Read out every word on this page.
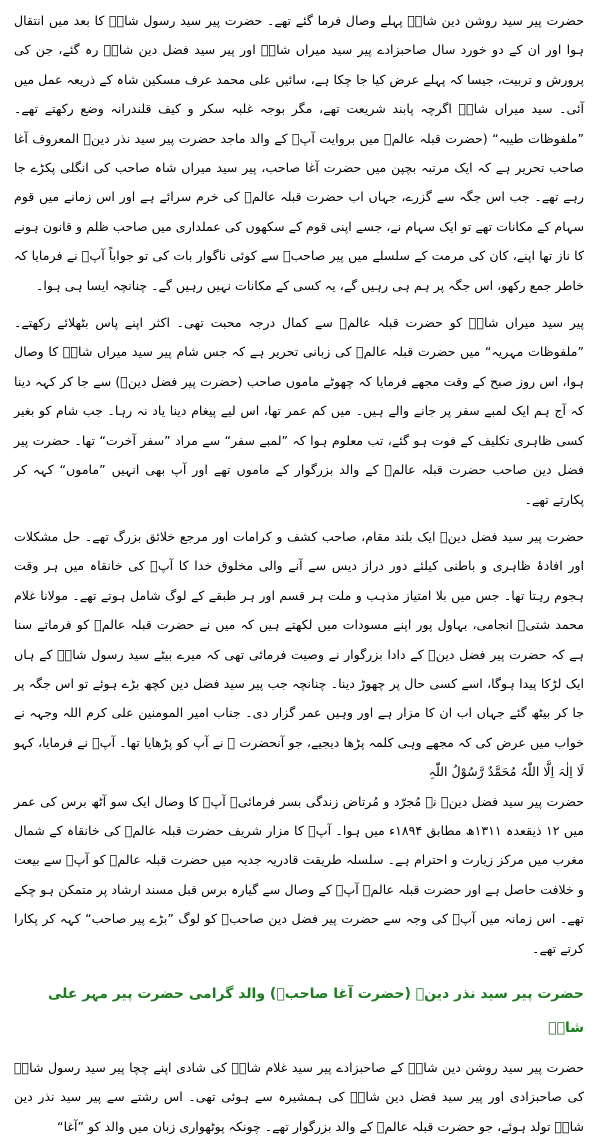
حضرت پیر سید روشن دین شاہؒ پہلے وصال فرما گئے تھے۔ حضرت پیر سید رسول شاہؒ کا بعد میں انتقال ہوا اور ان کے دو خورد سال صاحبزادے پیر سید میراں شاہؒ اور پیر سید فضل دین شاہؒ رہ گئے، جن کی پرورش و تربیت، جیسا کہ پہلے عرض کیا جا چکا ہے، سائیں علی محمد عرف مسکین شاہ کے ذریعہ عمل میں آئی۔ سید میراں شاہؒ اگرچہ پابند شریعت تھے، مگر بوجہ غلبہ سکر و کیف قلندرانہ وضع رکھتے تھے۔ ”ملفوظات طیبہ“ (حضرت قبلہ عالمؒ میں بروایت آپؒ کے والد ماجد حضرت پیر سید نذر دینؒ المعروف آغا صاحب تحریر ہے کہ ایک مرتبہ بچپن میں حضرت آغا صاحب، پیر سید میراں شاہ صاحب کی انگلی پکڑے جا رہے تھے۔ جب اس جگہ سے گزرے، جہاں اب حضرت قبلہ عالمؒ کی خرم سرائے ہے اور اس زمانے میں قوم سہام کے مکانات تھے تو ایک سہام نے، جسے اپنی قوم کے سکھوں کی عملداری میں صاحب ظلم و قانون ہونے کا ناز تھا اپنے، کان کی مرمت کے سلسلے میں پیر صاحبؒ سے کوئی ناگوار بات کی تو جواباً آپؒ نے فرمایا کہ خاطر جمع رکھو، اس جگہ پر ہم ہی رہیں گے، یہ کسی کے مکانات نہیں رہیں گے۔ چنانچہ ایسا ہی ہوا۔

پیر سید میراں شاہؒ کو حضرت قبلہ عالمؒ سے کمال درجہ محبت تھی۔ اکثر اپنے پاس بٹھلائے رکھتے۔ ”ملفوظات مہریہ“ میں حضرت قبلہ عالمؒ کی زبانی تحریر ہے کہ جس شام پیر سید میراں شاہؒ کا وصال ہوا، اس روز صبح کے وقت مجھے فرمایا کہ چھوٹے ماموں صاحب (حضرت پیر فضل دینؒ) سے جا کر کہہ دینا کہ آج ہم ایک لمبے سفر پر جانے والے ہیں۔ میں کم عمر تھا، اس لیے پیغام دینا یاد نہ رہا۔ جب شام کو بغیر کسی ظاہری تکلیف کے فوت ہو گئے، تب معلوم ہوا کہ ”لمبے سفر“ سے مراد ”سفر آخرت“ تھا۔ حضرت پیر فضل دین صاحب حضرت قبلہ عالمؒ کے والد بزرگوار کے ماموں تھے اور آپ بھی انہیں ”ماموں“ کہہ کر پکارتے تھے۔

حضرت پیر سید فضل دینؒ ایک بلند مقام، صاحب کشف و کرامات اور مرجع خلائق بزرگ تھے۔ حل مشکلات اور افادۂ ظاہری و باطنی کیلئے دور دراز دیس سے آنے والی مخلوق خدا کا آپؒ کی خانقاہ میں ہر وقت ہجوم رہتا تھا۔ جس میں بلا امتیاز مذہب و ملت ہر قسم اور ہر طبقے کے لوگ شامل ہوتے تھے۔ مولانا غلام محمد شتیؒ انجامی، بہاول پور اپنے مسودات میں لکھتے ہیں کہ میں نے حضرت قبلہ عالمؒ کو فرماتے سنا ہے کہ حضرت پیر فضل دینؒ کے دادا بزرگوار نے وصیت فرمائی تھی کہ میرے بیٹے سید رسول شاہؒ کے ہاں ایک لڑکا پیدا ہوگا، اسے کسی حال پر چھوڑ دینا۔ چنانچہ جب پیر سید فضل دین کچھ بڑے ہوئے تو اس جگہ پر جا کر بیٹھ گئے جہاں اب ان کا مزار ہے اور وہیں عمر گزار دی۔ جناب امیر المومنین علی کرم اللہ وجہہ نے خواب میں عرض کی کہ مجھے وہی کلمہ پڑھا دیجیے، جو آنحضرت ﷺ نے آپ کو پڑھایا تھا۔ آپؒ نے فرمایا، کہو لَا اِلٰہَ اِلَّا اللّٰہُ مُحَمَّدٌ رَّسُوْلُ اللّٰہِ

حضرت پیر سید فضل دینؒ نے مُجرّد و مُرتاض زندگی بسر فرمائی۔ آپؒ کا وصال ایک سو آٹھ برس کی عمر میں ۱۲ ذیقعدہ ۱۳۱۱ھ مطابق ۱۸۹۴ء میں ہوا۔ آپؒ کا مزار شریف حضرت قبلہ عالمؒ کی خانقاہ کے شمال مغرب میں مرکز زیارت و احترام ہے۔ سلسلہ طریقت قادریہ جدیہ میں حضرت قبلہ عالمؒ کو آپؒ سے بیعت و خلافت حاصل ہے اور حضرت قبلہ عالمؒ آپؒ کے وصال سے گیارہ برس قبل مسند ارشاد پر متمکن ہو چکے تھے۔ اس زمانہ میں آپؒ کی وجہ سے حضرت پیر فضل دین صاحبؒ کو لوگ ”بڑے پیر صاحب“ کہہ کر پکارا کرتے تھے۔

حضرت پیر سید نذر دینؒ (حضرت آغا صاحبؒ) والد گرامی حضرت پیر مہر علی شاہؒ

حضرت پیر سید روشن دین شاہؒ کے صاحبزادے پیر سید غلام شاہؒ کی شادی اپنے چچا پیر سید رسول شاہؒ کی صاحبزادی اور پیر سید فضل دین شاہؒ کی ہمشیرہ سے ہوئی تھی۔ اس رشتے سے پیر سید نذر دین شاہؒ تولد ہوئے، جو حضرت قبلہ عالمؒ کے والد بزرگوار تھے۔ چونکہ پوٹھواری زبان میں والد کو ”آغا“
